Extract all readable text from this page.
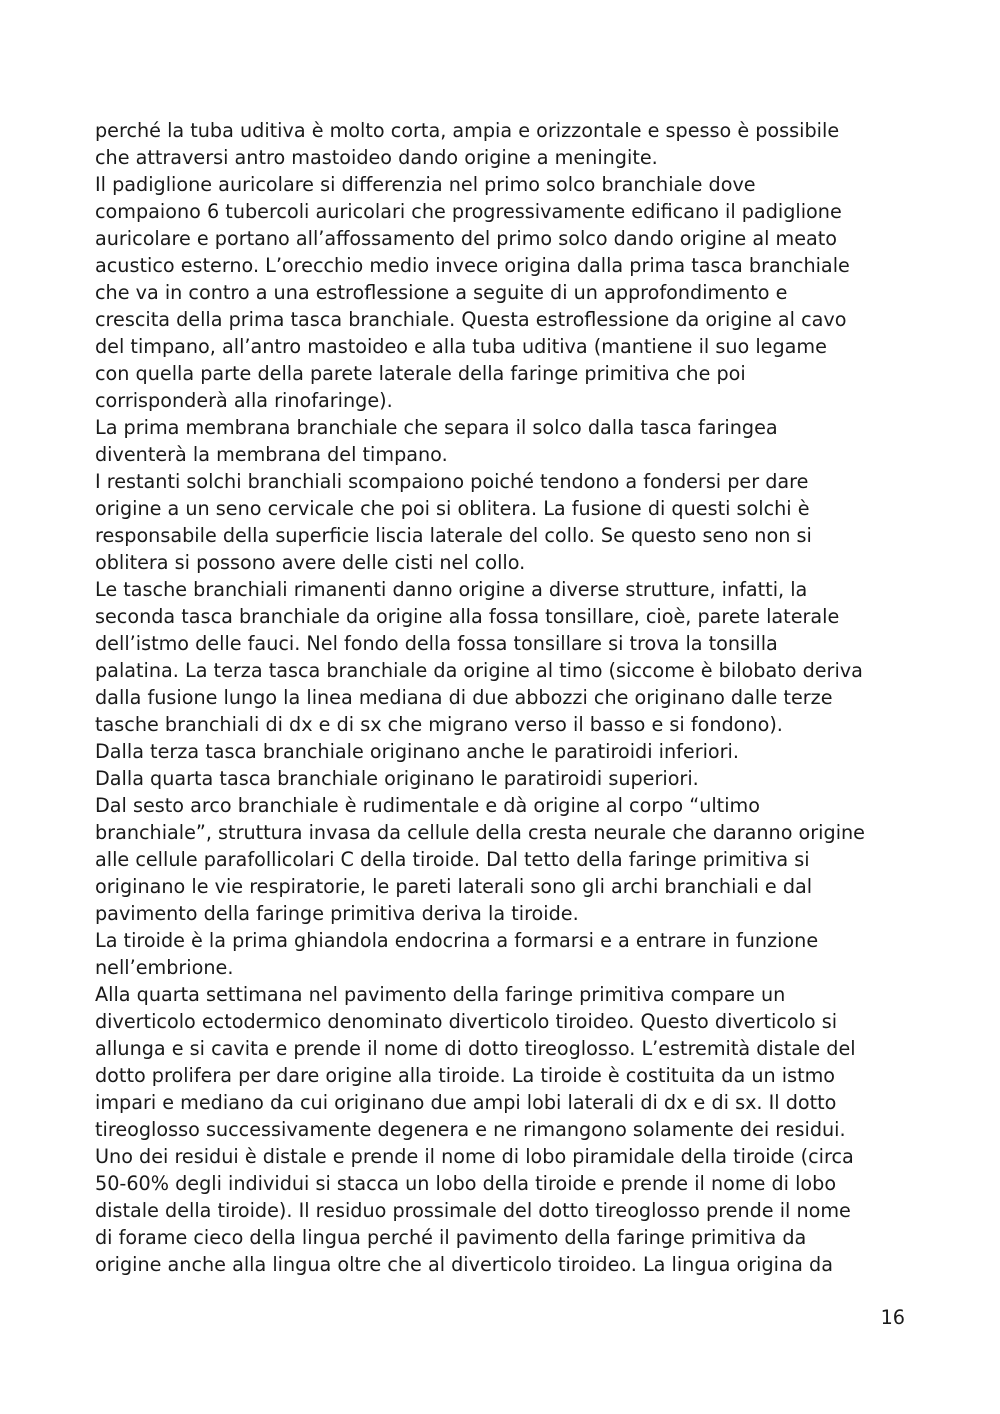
perché la tuba uditiva è molto corta, ampia e orizzontale e spesso è possibile
che attraversi antro mastoideo dando origine a meningite.
Il padiglione auricolare si differenzia nel primo solco branchiale dove
compaiono 6 tubercoli auricolari che progressivamente edificano il padiglione
auricolare e portano all’affossamento del primo solco dando origine al meato
acustico esterno. L’orecchio medio invece origina dalla prima tasca branchiale
che va in contro a una estroflessione a seguite di un approfondimento e
crescita della prima tasca branchiale. Questa estroflessione da origine al cavo
del timpano, all’antro mastoideo e alla tuba uditiva (mantiene il suo legame
con quella parte della parete laterale della faringe primitiva che poi
corrisponderà alla rinofaringe).
La prima membrana branchiale che separa il solco dalla tasca faringea
diventerà la membrana del timpano.
I restanti solchi branchiali scompaiono poiché tendono a fondersi per dare
origine a un seno cervicale che poi si oblitera. La fusione di questi solchi è
responsabile della superficie liscia laterale del collo. Se questo seno non si
oblitera si possono avere delle cisti nel collo.
Le tasche branchiali rimanenti danno origine a diverse strutture, infatti, la
seconda tasca branchiale da origine alla fossa tonsillare, cioè, parete laterale
dell’istmo delle fauci. Nel fondo della fossa tonsillare si trova la tonsilla
palatina. La terza tasca branchiale da origine al timo (siccome è bilobato deriva
dalla fusione lungo la linea mediana di due abbozzi che originano dalle terze
tasche branchiali di dx e di sx che migrano verso il basso e si fondono).
Dalla terza tasca branchiale originano anche le paratiroidi inferiori.
Dalla quarta tasca branchiale originano le paratiroidi superiori.
Dal sesto arco branchiale è rudimentale e dà origine al corpo “ultimo
branchiale”, struttura invasa da cellule della cresta neurale che daranno origine
alle cellule parafollicolari C della tiroide. Dal tetto della faringe primitiva si
originano le vie respiratorie, le pareti laterali sono gli archi branchiali e dal
pavimento della faringe primitiva deriva la tiroide.
La tiroide è la prima ghiandola endocrina a formarsi e a entrare in funzione
nell’embrione.
Alla quarta settimana nel pavimento della faringe primitiva compare un
diverticolo ectodermico denominato diverticolo tiroideo. Questo diverticolo si
allunga e si cavita e prende il nome di dotto tireoglosso. L’estremità distale del
dotto prolifera per dare origine alla tiroide. La tiroide è costituita da un istmo
impari e mediano da cui originano due ampi lobi laterali di dx e di sx. Il dotto
tireoglosso successivamente degenera e ne rimangono solamente dei residui.
Uno dei residui è distale e prende il nome di lobo piramidale della tiroide (circa
50-60% degli individui si stacca un lobo della tiroide e prende il nome di lobo
distale della tiroide). Il residuo prossimale del dotto tireoglosso prende il nome
di forame cieco della lingua perché il pavimento della faringe primitiva da
origine anche alla lingua oltre che al diverticolo tiroideo. La lingua origina da
16
